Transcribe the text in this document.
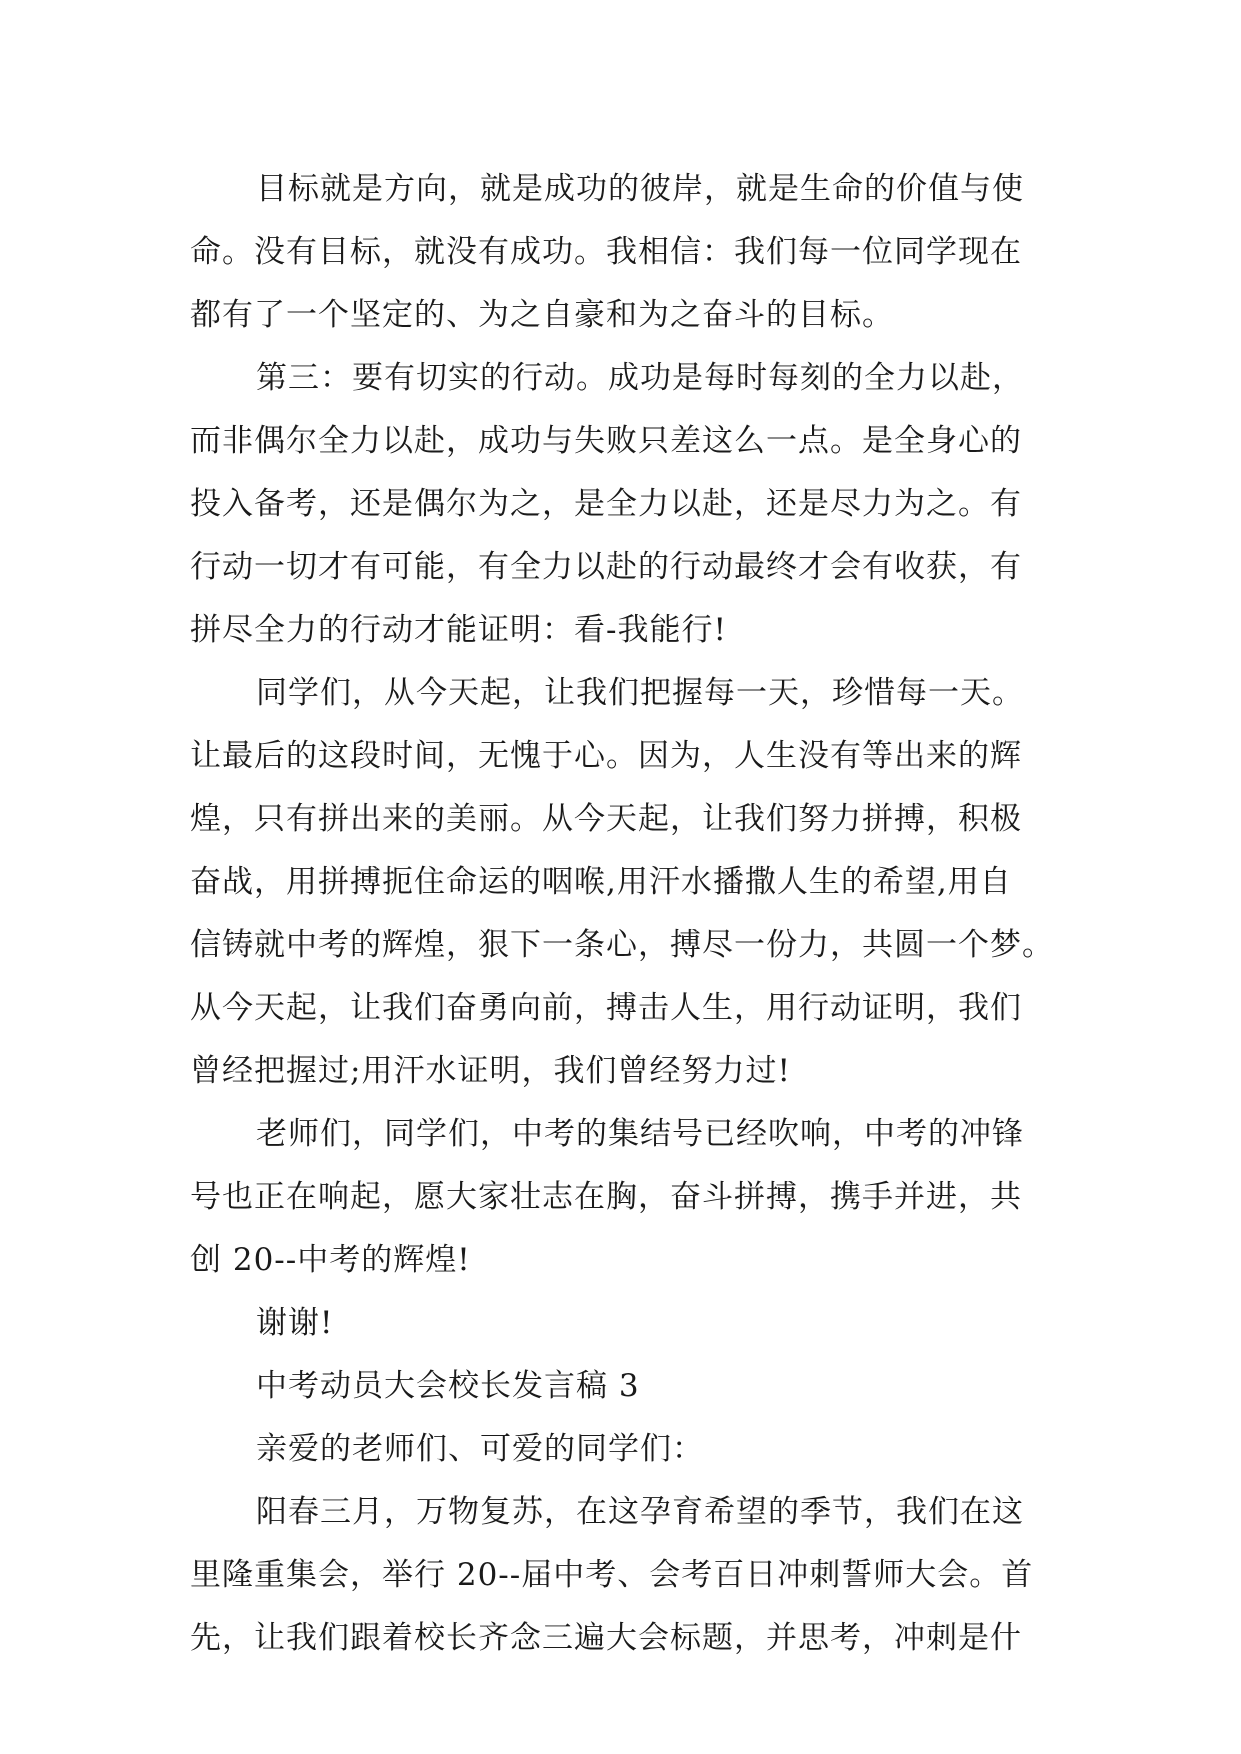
目标就是方向，就是成功的彼岸，就是生命的价值与使
命。没有目标，就没有成功。我相信：我们每一位同学现在
都有了一个坚定的、为之自豪和为之奋斗的目标。
第三：要有切实的行动。成功是每时每刻的全力以赴，
而非偶尔全力以赴，成功与失败只差这么一点。是全身心的
投入备考，还是偶尔为之，是全力以赴，还是尽力为之。有
行动一切才有可能，有全力以赴的行动最终才会有收获，有
拼尽全力的行动才能证明：看-我能行!
同学们，从今天起，让我们把握每一天，珍惜每一天。
让最后的这段时间，无愧于心。因为，人生没有等出来的辉
煌，只有拼出来的美丽。从今天起，让我们努力拼搏，积极
奋战，用拼搏扼住命运的咽喉,用汗水播撒人生的希望,用自
信铸就中考的辉煌，狠下一条心，搏尽一份力，共圆一个梦。
从今天起，让我们奋勇向前，搏击人生，用行动证明，我们
曾经把握过;用汗水证明，我们曾经努力过!
老师们，同学们，中考的集结号已经吹响，中考的冲锋
号也正在响起，愿大家壮志在胸，奋斗拼搏，携手并进，共
创 20--中考的辉煌!
谢谢!
中考动员大会校长发言稿 3
亲爱的老师们、可爱的同学们：
阳春三月，万物复苏，在这孕育希望的季节，我们在这
里隆重集会，举行 20--届中考、会考百日冲刺誓师大会。首
先，让我们跟着校长齐念三遍大会标题，并思考，冲刺是什
